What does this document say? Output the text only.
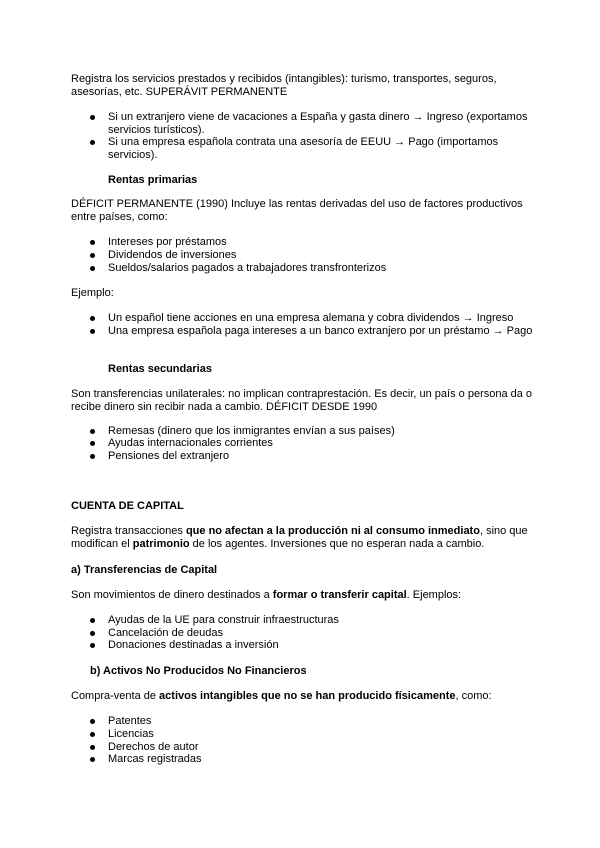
Registra los servicios prestados y recibidos (intangibles): turismo, transportes, seguros, asesorías, etc. SUPERÁVIT PERMANENTE

Si un extranjero viene de vacaciones a España y gasta dinero → Ingreso (exportamos servicios turísticos).

Si una empresa española contrata una asesoría de EEUU → Pago (importamos servicios).

Rentas primarias

DÉFICIT PERMANENTE (1990) Incluye las rentas derivadas del uso de factores productivos entre países, como:

Intereses por préstamos

Dividendos de inversiones

Sueldos/salarios pagados a trabajadores transfronterizos

Ejemplo:

Un español tiene acciones en una empresa alemana y cobra dividendos → Ingreso

Una empresa española paga intereses a un banco extranjero por un préstamo → Pago

Rentas secundarias

Son transferencias unilaterales: no implican contraprestación. Es decir, un país o persona da o recibe dinero sin recibir nada a cambio. DÉFICIT DESDE 1990

Remesas (dinero que los inmigrantes envían a sus países)

Ayudas internacionales corrientes

Pensiones del extranjero

CUENTA DE CAPITAL

Registra transacciones que no afectan a la producción ni al consumo inmediato, sino que modifican el patrimonio de los agentes. Inversiones que no esperan nada a cambio.

a) Transferencias de Capital

Son movimientos de dinero destinados a formar o transferir capital. Ejemplos:

Ayudas de la UE para construir infraestructuras

Cancelación de deudas

Donaciones destinadas a inversión

b) Activos No Producidos No Financieros

Compra-venta de activos intangibles que no se han producido físicamente, como:

Patentes

Licencias

Derechos de autor

Marcas registradas
